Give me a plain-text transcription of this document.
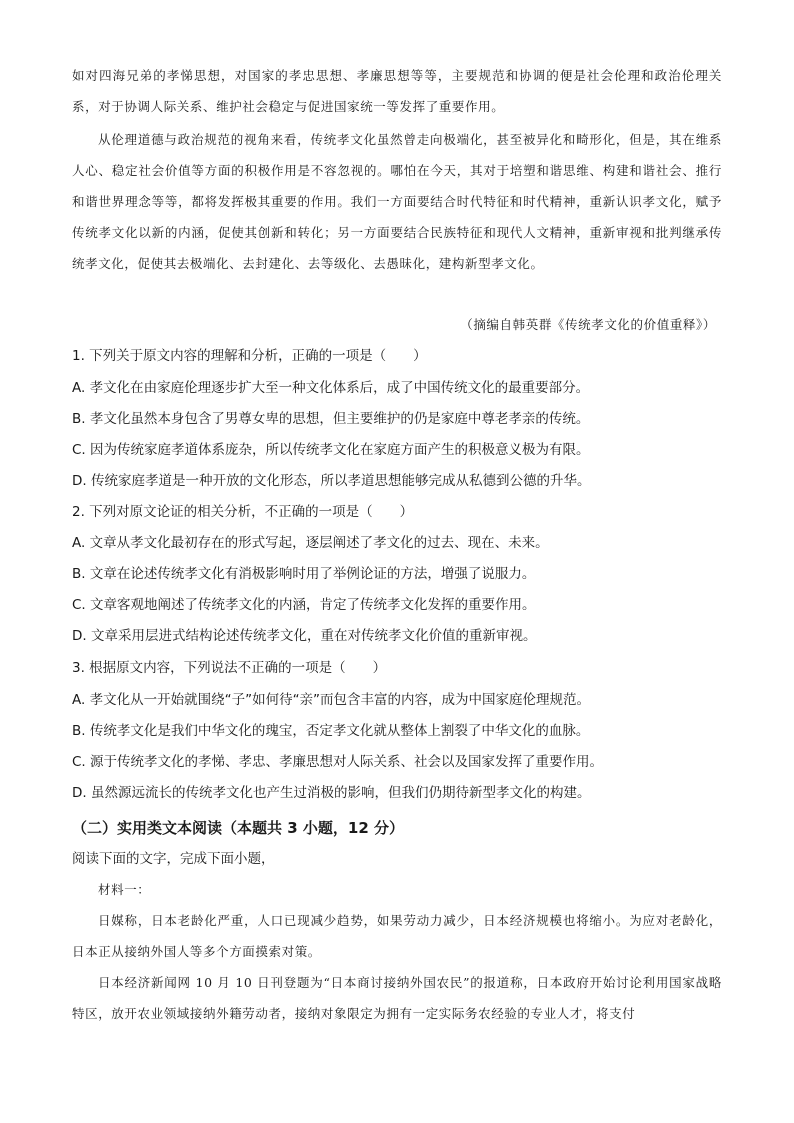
如对四海兄弟的孝悌思想，对国家的孝忠思想、孝廉思想等等，主要规范和协调的便是社会伦理和政治伦理关系，对于协调人际关系、维护社会稳定与促进国家统一等发挥了重要作用。
从伦理道德与政治规范的视角来看，传统孝文化虽然曾走向极端化，甚至被异化和畸形化，但是，其在维系人心、稳定社会价值等方面的积极作用是不容忽视的。哪怕在今天，其对于培塑和谐思维、构建和谐社会、推行和谐世界理念等等，都将发挥极其重要的作用。我们一方面要结合时代特征和时代精神，重新认识孝文化，赋予传统孝文化以新的内涵，促使其创新和转化；另一方面要结合民族特征和现代人文精神，重新审视和批判继承传统孝文化，促使其去极端化、去封建化、去等级化、去愚昧化，建构新型孝文化。
（摘编自韩英群《传统孝文化的价值重释》）
1. 下列关于原文内容的理解和分析，正确的一项是（　　）
A. 孝文化在由家庭伦理逐步扩大至一种文化体系后，成了中国传统文化的最重要部分。
B. 孝文化虽然本身包含了男尊女卑的思想，但主要维护的仍是家庭中尊老孝亲的传统。
C. 因为传统家庭孝道体系庞杂，所以传统孝文化在家庭方面产生的积极意义极为有限。
D. 传统家庭孝道是一种开放的文化形态，所以孝道思想能够完成从私德到公德的升华。
2. 下列对原文论证的相关分析，不正确的一项是（　　）
A. 文章从孝文化最初存在的形式写起，逐层阐述了孝文化的过去、现在、未来。
B. 文章在论述传统孝文化有消极影响时用了举例论证的方法，增强了说服力。
C. 文章客观地阐述了传统孝文化的内涵，肯定了传统孝文化发挥的重要作用。
D. 文章采用层进式结构论述传统孝文化，重在对传统孝文化价值的重新审视。
3. 根据原文内容，下列说法不正确的一项是（　　）
A. 孝文化从一开始就围绕“子”如何待“亲”而包含丰富的内容，成为中国家庭伦理规范。
B. 传统孝文化是我们中华文化的瑰宝，否定孝文化就从整体上割裂了中华文化的血脉。
C. 源于传统孝文化的孝悌、孝忠、孝廉思想对人际关系、社会以及国家发挥了重要作用。
D. 虽然源远流长的传统孝文化也产生过消极的影响，但我们仍期待新型孝文化的构建。
（二）实用类文本阅读（本题共 3 小题，12 分）
阅读下面的文字，完成下面小题，
材料一：
日媒称，日本老龄化严重，人口已现减少趋势，如果劳动力减少，日本经济规模也将缩小。为应对老龄化，日本正从接纳外国人等多个方面摸索对策。
日本经济新闻网 10 月 10 日刊登题为“日本商讨接纳外国农民”的报道称，日本政府开始讨论利用国家战略特区，放开农业领域接纳外籍劳动者，接纳对象限定为拥有一定实际务农经验的专业人才，将支付
